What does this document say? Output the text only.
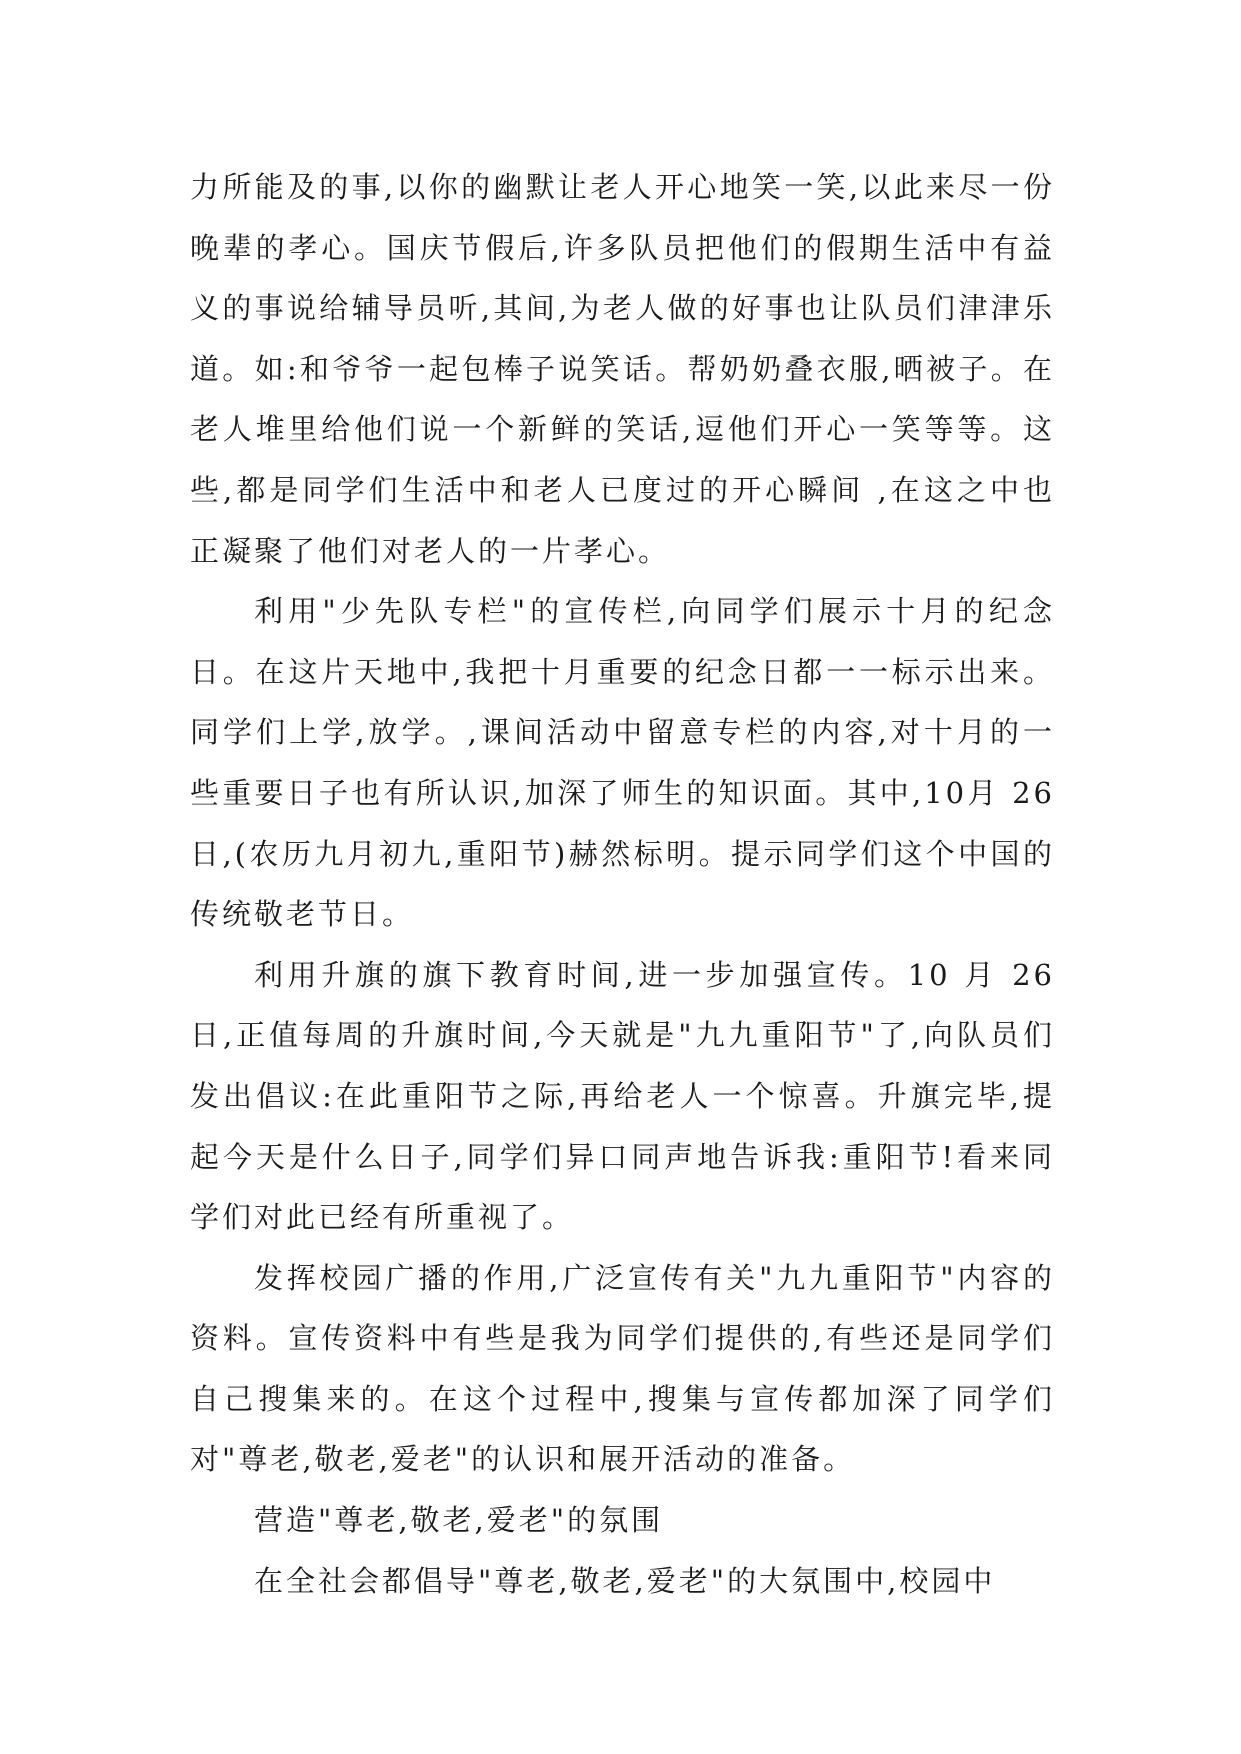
力所能及的事,以你的幽默让老人开心地笑一笑,以此来尽一份晚辈的孝心。国庆节假后,许多队员把他们的假期生活中有益义的事说给辅导员听,其间,为老人做的好事也让队员们津津乐道。如:和爷爷一起包棒子说笑话。帮奶奶叠衣服,晒被子。在老人堆里给他们说一个新鲜的笑话,逗他们开心一笑等等。这些,都是同学们生活中和老人已度过的开心瞬间 ,在这之中也正凝聚了他们对老人的一片孝心。

利用"少先队专栏"的宣传栏,向同学们展示十月的纪念日。在这片天地中,我把十月重要的纪念日都一一标示出来。同学们上学,放学。,课间活动中留意专栏的内容,对十月的一些重要日子也有所认识,加深了师生的知识面。其中,10月 26 日,(农历九月初九,重阳节)赫然标明。提示同学们这个中国的传统敬老节日。

利用升旗的旗下教育时间,进一步加强宣传。10 月 26 日,正值每周的升旗时间,今天就是"九九重阳节"了,向队员们发出倡议:在此重阳节之际,再给老人一个惊喜。升旗完毕,提起今天是什么日子,同学们异口同声地告诉我:重阳节!看来同学们对此已经有所重视了。

发挥校园广播的作用,广泛宣传有关"九九重阳节"内容的资料。宣传资料中有些是我为同学们提供的,有些还是同学们自己搜集来的。在这个过程中,搜集与宣传都加深了同学们对"尊老,敬老,爱老"的认识和展开活动的准备。

营造"尊老,敬老,爱老"的氛围

在全社会都倡导"尊老,敬老,爱老"的大氛围中,校园中
